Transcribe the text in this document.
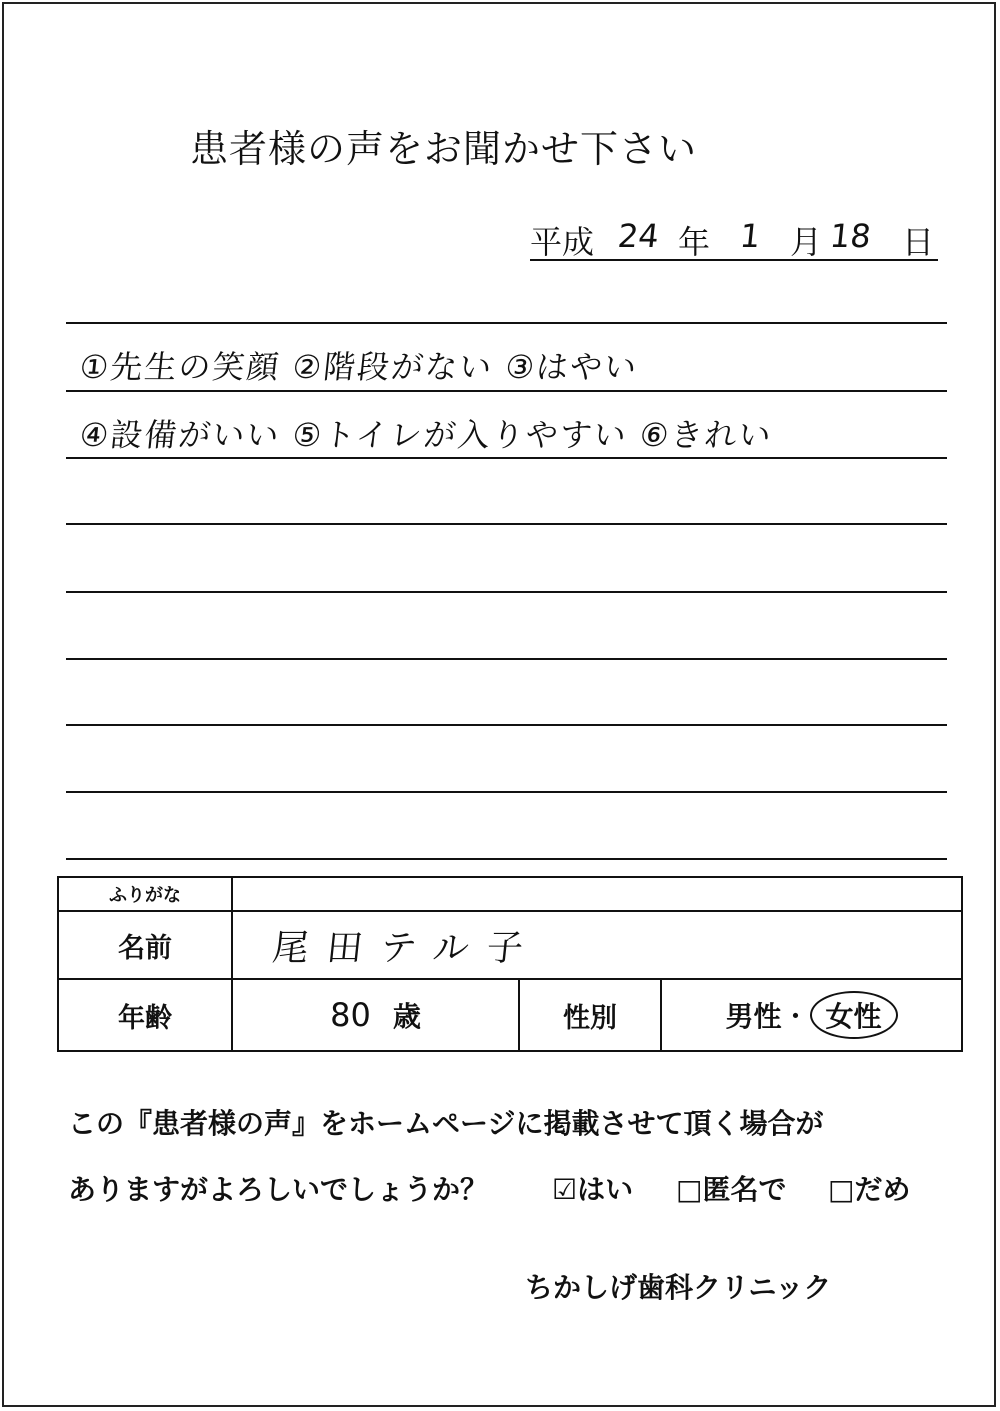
患者様の声をお聞かせ下さい
平成 24 年 1 月 18 日
①先生の笑顔 ②階段がない ③はやい
④設備がいい ⑤トイレが入りやすい ⑥きれい
ふりがな			
名前	尾田テル子		
年齢	80 歳	性別	男性・ 女性
この『患者様の声』をホームページに掲載させて頂く場合が
ありますがよろしいでしょうか？ ☑はい □匿名で □だめ
ちかしげ歯科クリニック
